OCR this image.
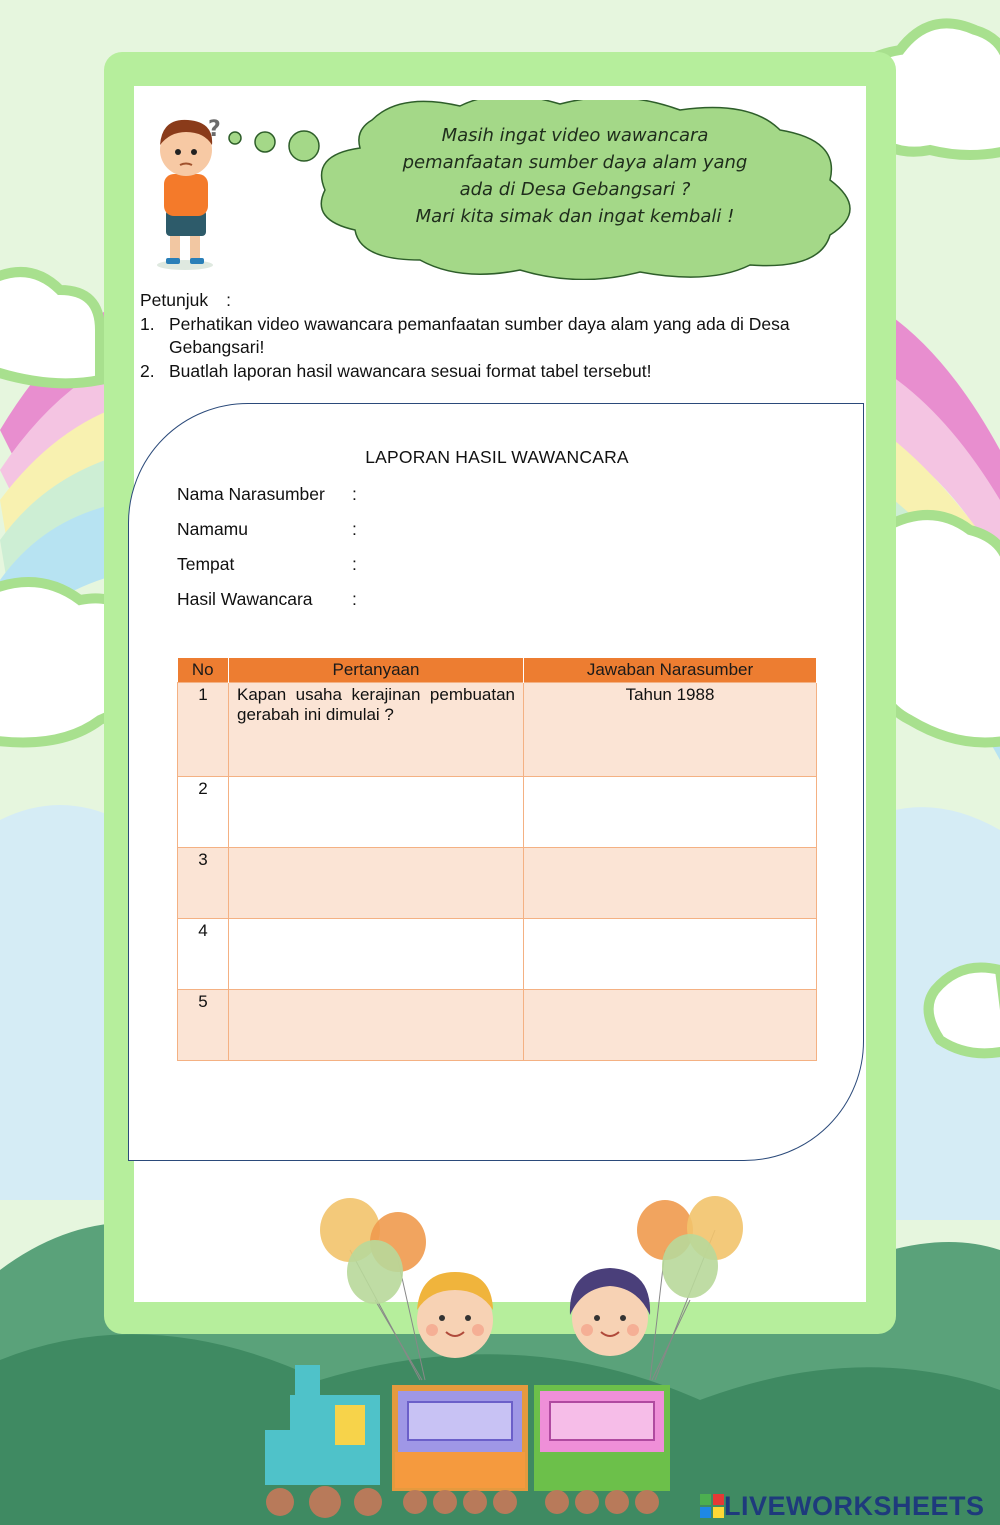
?	Masih ingat video wawancara
pemanfaatan sumber daya alam yang
ada di Desa Gebangsari ?
Mari kita simak dan ingat kembali !
Petunjuk :
1. Perhatikan video wawancara pemanfaatan sumber daya alam yang ada di Desa Gebangsari!
2. Buatlah laporan hasil wawancara sesuai format tabel tersebut!
LAPORAN HASIL WAWANCARA
Nama Narasumber :
Namamu	:
Tempat	:
Hasil Wawancara :
No	Pertanyaan	Jawaban Narasumber
1	Kapan usaha kerajinan pembuatan gerabah ini dimulai ?	Tahun 1988
2		
3		
4		
5		
LIVEWORKSHEETS
